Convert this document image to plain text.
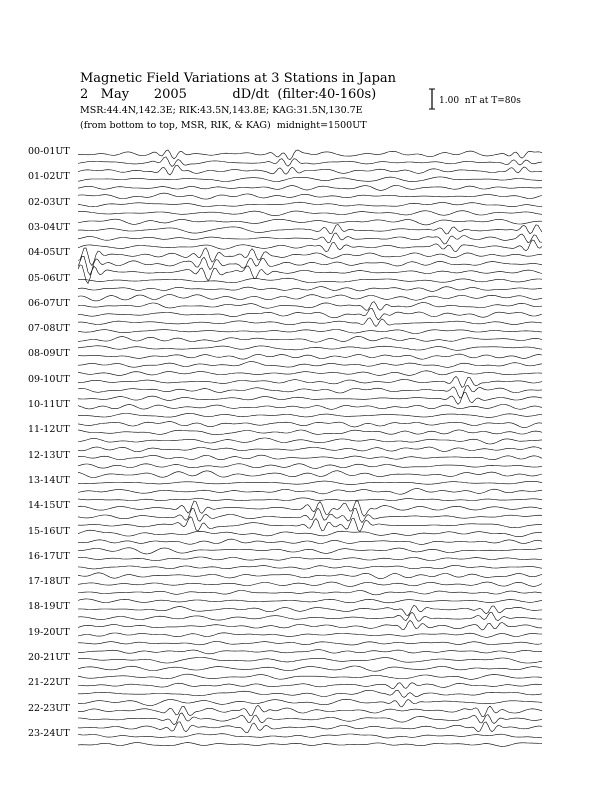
Magnetic Field Variations at 3 Stations in Japan
2   May      2005           dD/dt  (filter:40-160s)
MSR:44.4N,142.3E; RIK:43.5N,143.8E; KAG:31.5N,130.7E
(from bottom to top, MSR, RIK, & KAG)  midnight=1500UT
1.00  nT at T=80s
00-01UT
01-02UT
02-03UT
03-04UT
04-05UT
05-06UT
06-07UT
07-08UT
08-09UT
09-10UT
10-11UT
11-12UT
12-13UT
13-14UT
14-15UT
15-16UT
16-17UT
17-18UT
18-19UT
19-20UT
20-21UT
21-22UT
22-23UT
23-24UT
